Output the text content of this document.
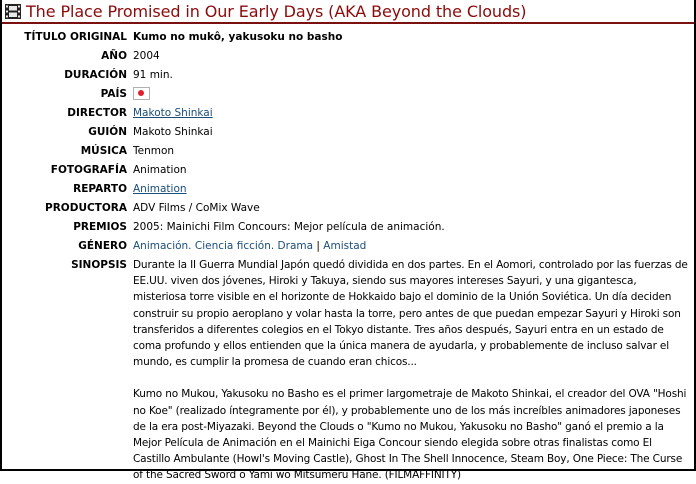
The Place Promised in Our Early Days (AKA Beyond the Clouds)
TÍTULO ORIGINAL Kumo no mukô, yakusoku no basho
AÑO 2004
DURACIÓN 91 min.
PAÍS
DIRECTOR Makoto Shinkai
GUIÓN Makoto Shinkai
MÚSICA Tenmon
FOTOGRAFÍA Animation
REPARTO Animation
PRODUCTORA ADV Films / CoMix Wave
PREMIOS 2005: Mainichi Film Concours: Mejor película de animación.
GÉNERO Animación. Ciencia ficción. Drama | Amistad
SINOPSIS Durante la II Guerra Mundial Japón quedó dividida en dos partes. En el Aomori, controlado por las fuerzas de EE.UU. viven dos jóvenes, Hiroki y Takuya, siendo sus mayores intereses Sayuri, y una gigantesca, misteriosa torre visible en el horizonte de Hokkaido bajo el dominio de la Unión Soviética. Un día deciden construir su propio aeroplano y volar hasta la torre, pero antes de que puedan empezar Sayuri y Hiroki son transferidos a diferentes colegios en el Tokyo distante. Tres años después, Sayuri entra en un estado de coma profundo y ellos entienden que la única manera de ayudarla, y probablemente de incluso salvar el mundo, es cumplir la promesa de cuando eran chicos...

Kumo no Mukou, Yakusoku no Basho es el primer largometraje de Makoto Shinkai, el creador del OVA "Hoshi no Koe" (realizado íntegramente por él), y probablemente uno de los más increíbles animadores japoneses de la era post-Miyazaki. Beyond the Clouds o "Kumo no Mukou, Yakusoku no Basho" ganó el premio a la Mejor Película de Animación en el Mainichi Eiga Concour siendo elegida sobre otras finalistas como El Castillo Ambulante (Howl's Moving Castle), Ghost In The Shell Innocence, Steam Boy, One Piece: The Curse of the Sacred Sword o Yami wo Mitsumeru Hane. (FILMAFFINITY)
